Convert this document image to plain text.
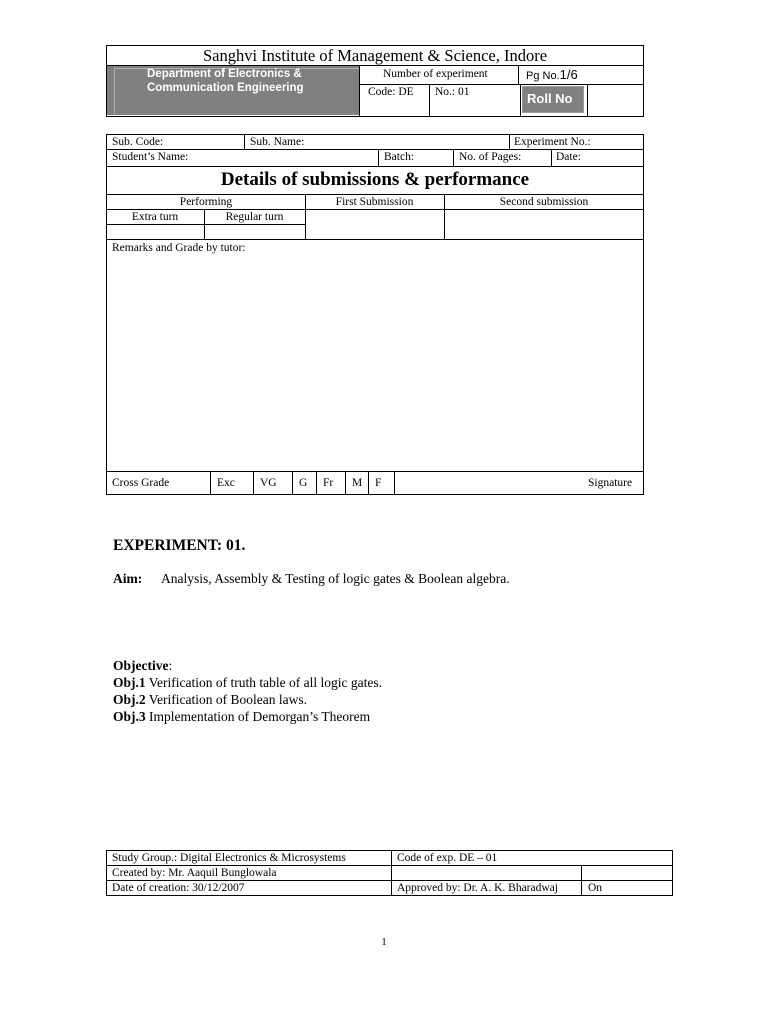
Sanghvi Institute of Management & Science, Indore
Department of Electronics &
Communication Engineering
Number of experiment	Pg No.1/6
Code: DE No.: 01	Roll No
Sub. Code:	Sub. Name:	Experiment No.:
Student’s Name:	Batch:	No. of Pages:	Date:
Details of submissions & performance
Performing	First Submission	Second submission
Extra turn	Regular turn
Remarks and Grade by tutor:
Cross Grade	Exc VG G Fr M F	Signature
EXPERIMENT: 01.
Aim: Analysis, Assembly & Testing of logic gates & Boolean algebra.
Objective:
Obj.1 Verification of truth table of all logic gates.
Obj.2 Verification of Boolean laws.
Obj.3 Implementation of Demorgan’s Theorem
Study Group.: Digital Electronics & Microsystems	Code of exp. DE – 01
Created by: Mr. Aaquil Bunglowala
Date of creation: 30/12/2007	Approved by: Dr. A. K. Bharadwaj	On
1
